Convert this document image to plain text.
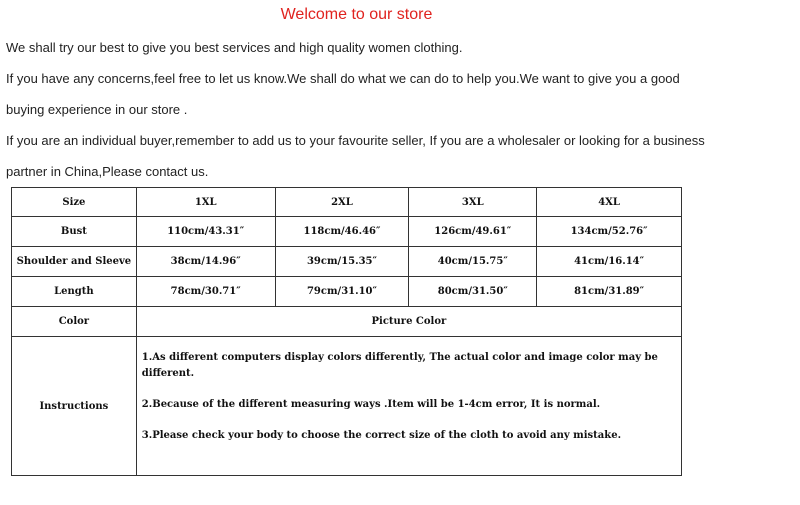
Welcome to our store
We shall try our best to give you best services and high quality women clothing.
If you have any concerns,feel free to let us know.We shall do what we can do to help you.We want to give you a good
buying experience in our store .
If you are an individual buyer,remember to add us to your favourite seller, If you are a wholesaler or looking for a business
partner in China,Please contact us.
Size	1XL	2XL	3XL	4XL
Bust	110cm/43.31″	118cm/46.46″	126cm/49.61″	134cm/52.76″
Shoulder and Sleeve	38cm/14.96″	39cm/15.35″	40cm/15.75″	41cm/16.14″
Length	78cm/30.71″	79cm/31.10″	80cm/31.50″	81cm/31.89″
Color	Picture Color			
Instructions	1.As different computers display colors differently, The actual color and image color may be different.
2.Because of the different measuring ways .Item will be 1-4cm error, It is normal.
3.Please check your body to choose the correct size of the cloth to avoid any mistake.			
